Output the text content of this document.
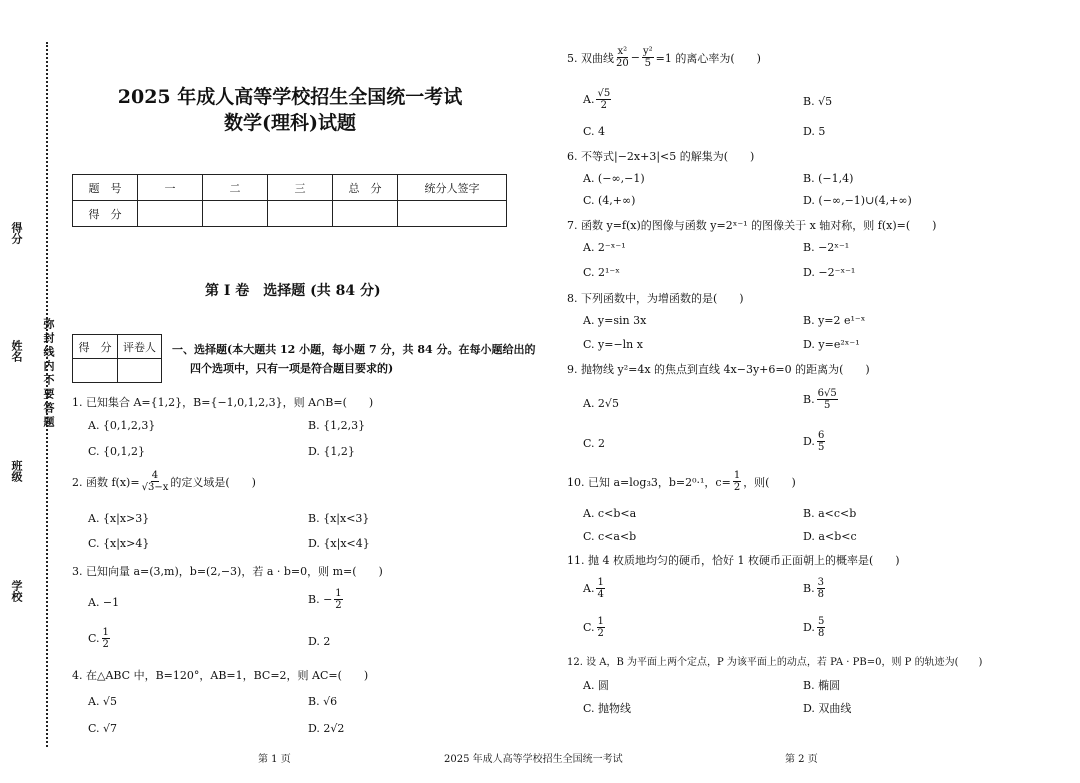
得分
姓名
班级
学校
弥封线内不要答题
2025 年成人高等学校招生全国统一考试
数学(理科)试题
题　号	一	二	三	总　分	统分人签字
得　分					
第 I 卷　选择题 (共 84 分)
得　分	评卷人
	一、选择题(本大题共 12 小题，每小题 7 分，共 84 分。在每小题给出的
四个选项中，只有一项是符合题目要求的)
1. 已知集合 A={1,2}，B={−1,0,1,2,3}，则 A∩B=(　　)
A. {0,1,2,3}	B. {1,2,3}
C. {0,1,2}	D. {1,2}
2. 函数 $f(x)= \frac{4}{√3-x}$ 的定义域是(　　)
A. {x|x>3}	B. {x|x<3}
C. {x|x>4}	D. {x|x<4}
3. 已知向量 a=(3,m)，b=(2,−3)，若 a · b=0，则 m=(　　)
A. −1	B. − $\frac{1}{2}$
C. $\frac{1}{2}$	D. 2
4. 在△ABC 中，B=120°，AB=1，BC=2，则 AC=(　　)
A. √5	B. √6
C. √7	D. 2√2
5. 双曲线 $\frac{\text{x²}}{20} - \frac{\text{y²}}{5} =1$ 的离心率为(　　)
A. $\frac{√5}{2}$	B. √5
C. 4	D. 5
6. 不等式|−2x+3|<5 的解集为(　　)
A. (−∞,−1)	B. (−1,4)
C. (4,+∞)	D. (−∞,−1)∪(4,+∞)
7. 函数 y=f(x)的图像与函数 y=2ˣ⁻¹ 的图像关于 x 轴对称，则 f(x)=(　　)
A. 2⁻ˣ⁻¹	B. −2ˣ⁻¹
C. 2¹⁻ˣ	D. −2⁻ˣ⁻¹
8. 下列函数中，为增函数的是(　　)
A. y=sin 3x	B. y=2 e¹⁻ˣ
C. y=−ln x	D. y=e²ˣ⁻¹
9. 抛物线 y²=4x 的焦点到直线 4x−3y+6=0 的距离为(　　)
A. 2√5	B. $\frac{6√5}{5}$
C. 2	D. $\frac{6}{5}$
10. 已知 a=log₃3，b=2⁰·¹，$c= \frac{1}{2}$ ，则(　　)
A. c<b<a	B. a<c<b
C. c<a<b	D. a<b<c
11. 抛 4 枚质地均匀的硬币，恰好 1 枚硬币正面朝上的概率是(　　)
A. $\frac{1}{4}$	B. $\frac{3}{8}$
C. $\frac{1}{2}$	D. $\frac{5}{8}$
12. 设 A，B 为平面上两个定点，P 为该平面上的动点，若 PA · PB=0，则 P 的轨迹为(　　)
A. 圆	B. 椭圆
C. 抛物线	D. 双曲线
第 1 页	2025 年成人高等学校招生全国统一考试	第 2 页
